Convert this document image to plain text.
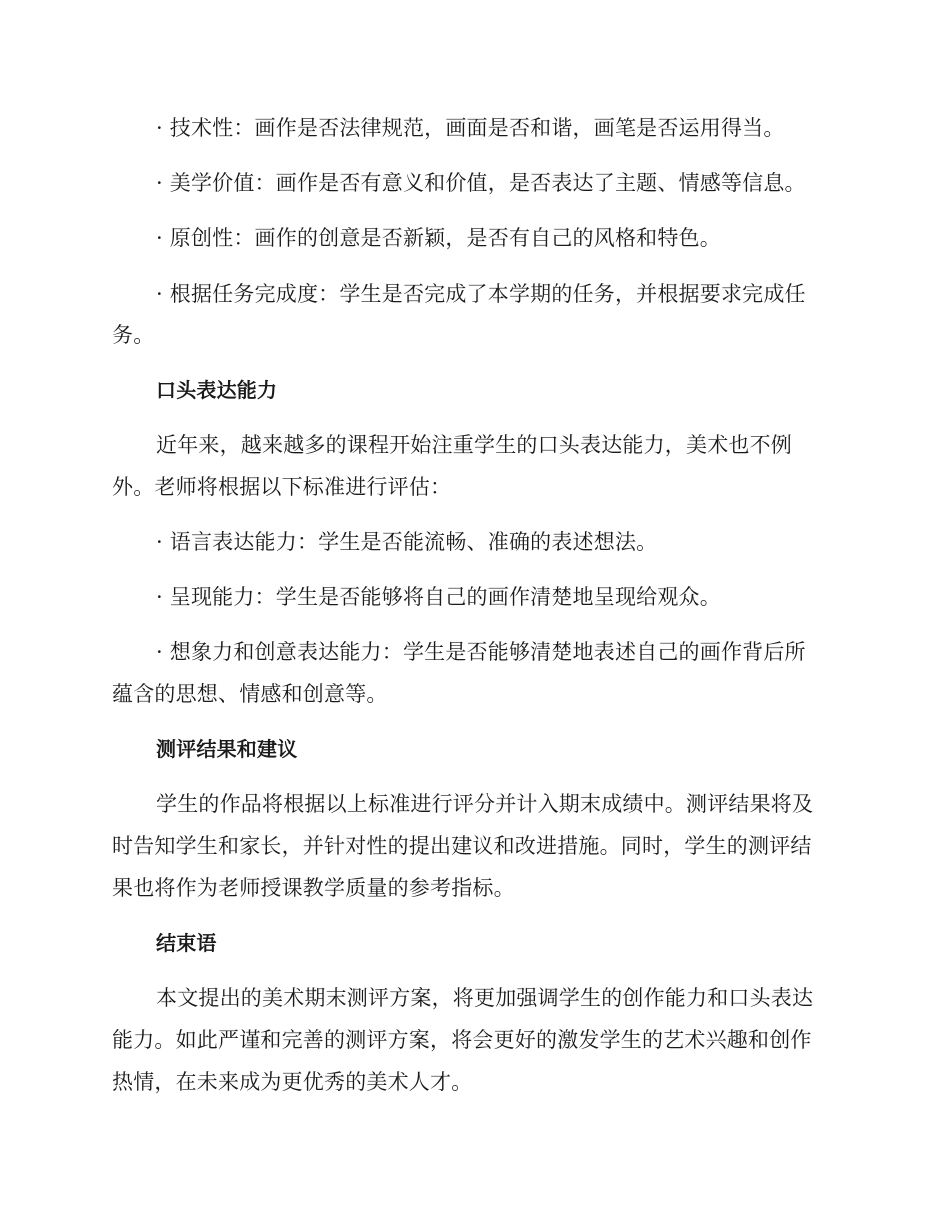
· 技术性：画作是否法律规范，画面是否和谐，画笔是否运用得当。
· 美学价值：画作是否有意义和价值，是否表达了主题、情感等信息。
· 原创性：画作的创意是否新颖，是否有自己的风格和特色。
· 根据任务完成度：学生是否完成了本学期的任务，并根据要求完成任
务。
口头表达能力
近年来，越来越多的课程开始注重学生的口头表达能力，美术也不例
外。老师将根据以下标准进行评估：
· 语言表达能力：学生是否能流畅、准确的表述想法。
· 呈现能力：学生是否能够将自己的画作清楚地呈现给观众。
· 想象力和创意表达能力：学生是否能够清楚地表述自己的画作背后所
蕴含的思想、情感和创意等。
测评结果和建议
学生的作品将根据以上标准进行评分并计入期末成绩中。测评结果将及
时告知学生和家长，并针对性的提出建议和改进措施。同时，学生的测评结
果也将作为老师授课教学质量的参考指标。
结束语
本文提出的美术期末测评方案，将更加强调学生的创作能力和口头表达
能力。如此严谨和完善的测评方案，将会更好的激发学生的艺术兴趣和创作
热情，在未来成为更优秀的美术人才。
